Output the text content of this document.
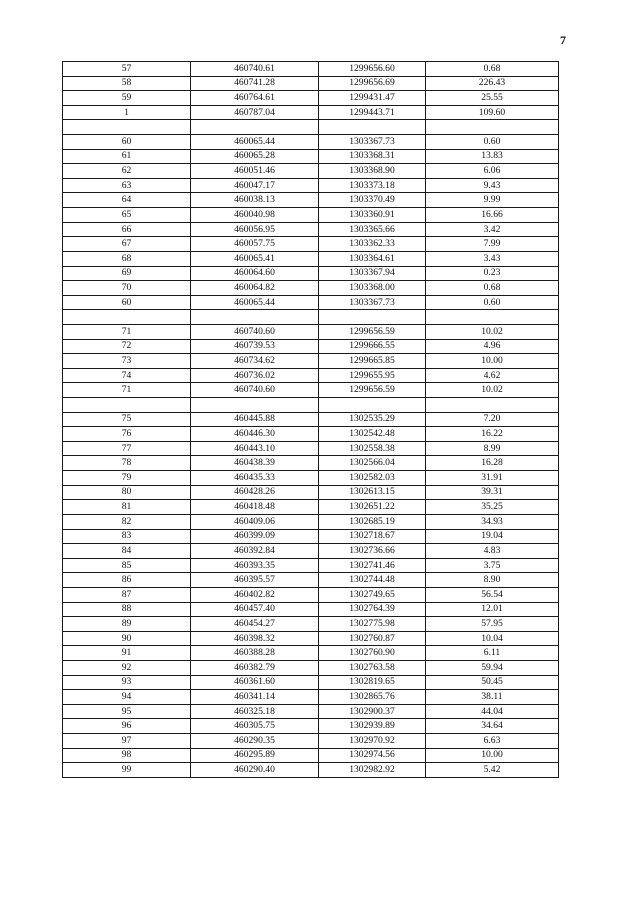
7
57	460740.61	1299656.60	0.68
58	460741.28	1299656.69	226.43
59	460764.61	1299431.47	25.55
1	460787.04	1299443.71	109.60

60	460065.44	1303367.73	0.60
61	460065.28	1303368.31	13.83
62	460051.46	1303368.90	6.06
63	460047.17	1303373.18	9.43
64	460038.13	1303370.49	9.99
65	460040.98	1303360.91	16.66
66	460056.95	1303365.66	3.42
67	460057.75	1303362.33	7.99
68	460065.41	1303364.61	3.43
69	460064.60	1303367.94	0.23
70	460064.82	1303368.00	0.68
60	460065.44	1303367.73	0.60

71	460740.60	1299656.59	10.02
72	460739.53	1299666.55	4.96
73	460734.62	1299665.85	10.00
74	460736.02	1299655.95	4.62
71	460740.60	1299656.59	10.02

75	460445.88	1302535.29	7.20
76	460446.30	1302542.48	16.22
77	460443.10	1302558.38	8.99
78	460438.39	1302566.04	16.28
79	460435.33	1302582.03	31.91
80	460428.26	1302613.15	39.31
81	460418.48	1302651.22	35.25
82	460409.06	1302685.19	34.93
83	460399.09	1302718.67	19.04
84	460392.84	1302736.66	4.83
85	460393.35	1302741.46	3.75
86	460395.57	1302744.48	8.90
87	460402.82	1302749.65	56.54
88	460457.40	1302764.39	12.01
89	460454.27	1302775.98	57.95
90	460398.32	1302760.87	10.04
91	460388.28	1302760.90	6.11
92	460382.79	1302763.58	59.94
93	460361.60	1302819.65	50.45
94	460341.14	1302865.76	38.11
95	460325.18	1302900.37	44.04
96	460305.75	1302939.89	34.64
97	460290.35	1302970.92	6.63
98	460295.89	1302974.56	10.00
99	460290.40	1302982.92	5.42
